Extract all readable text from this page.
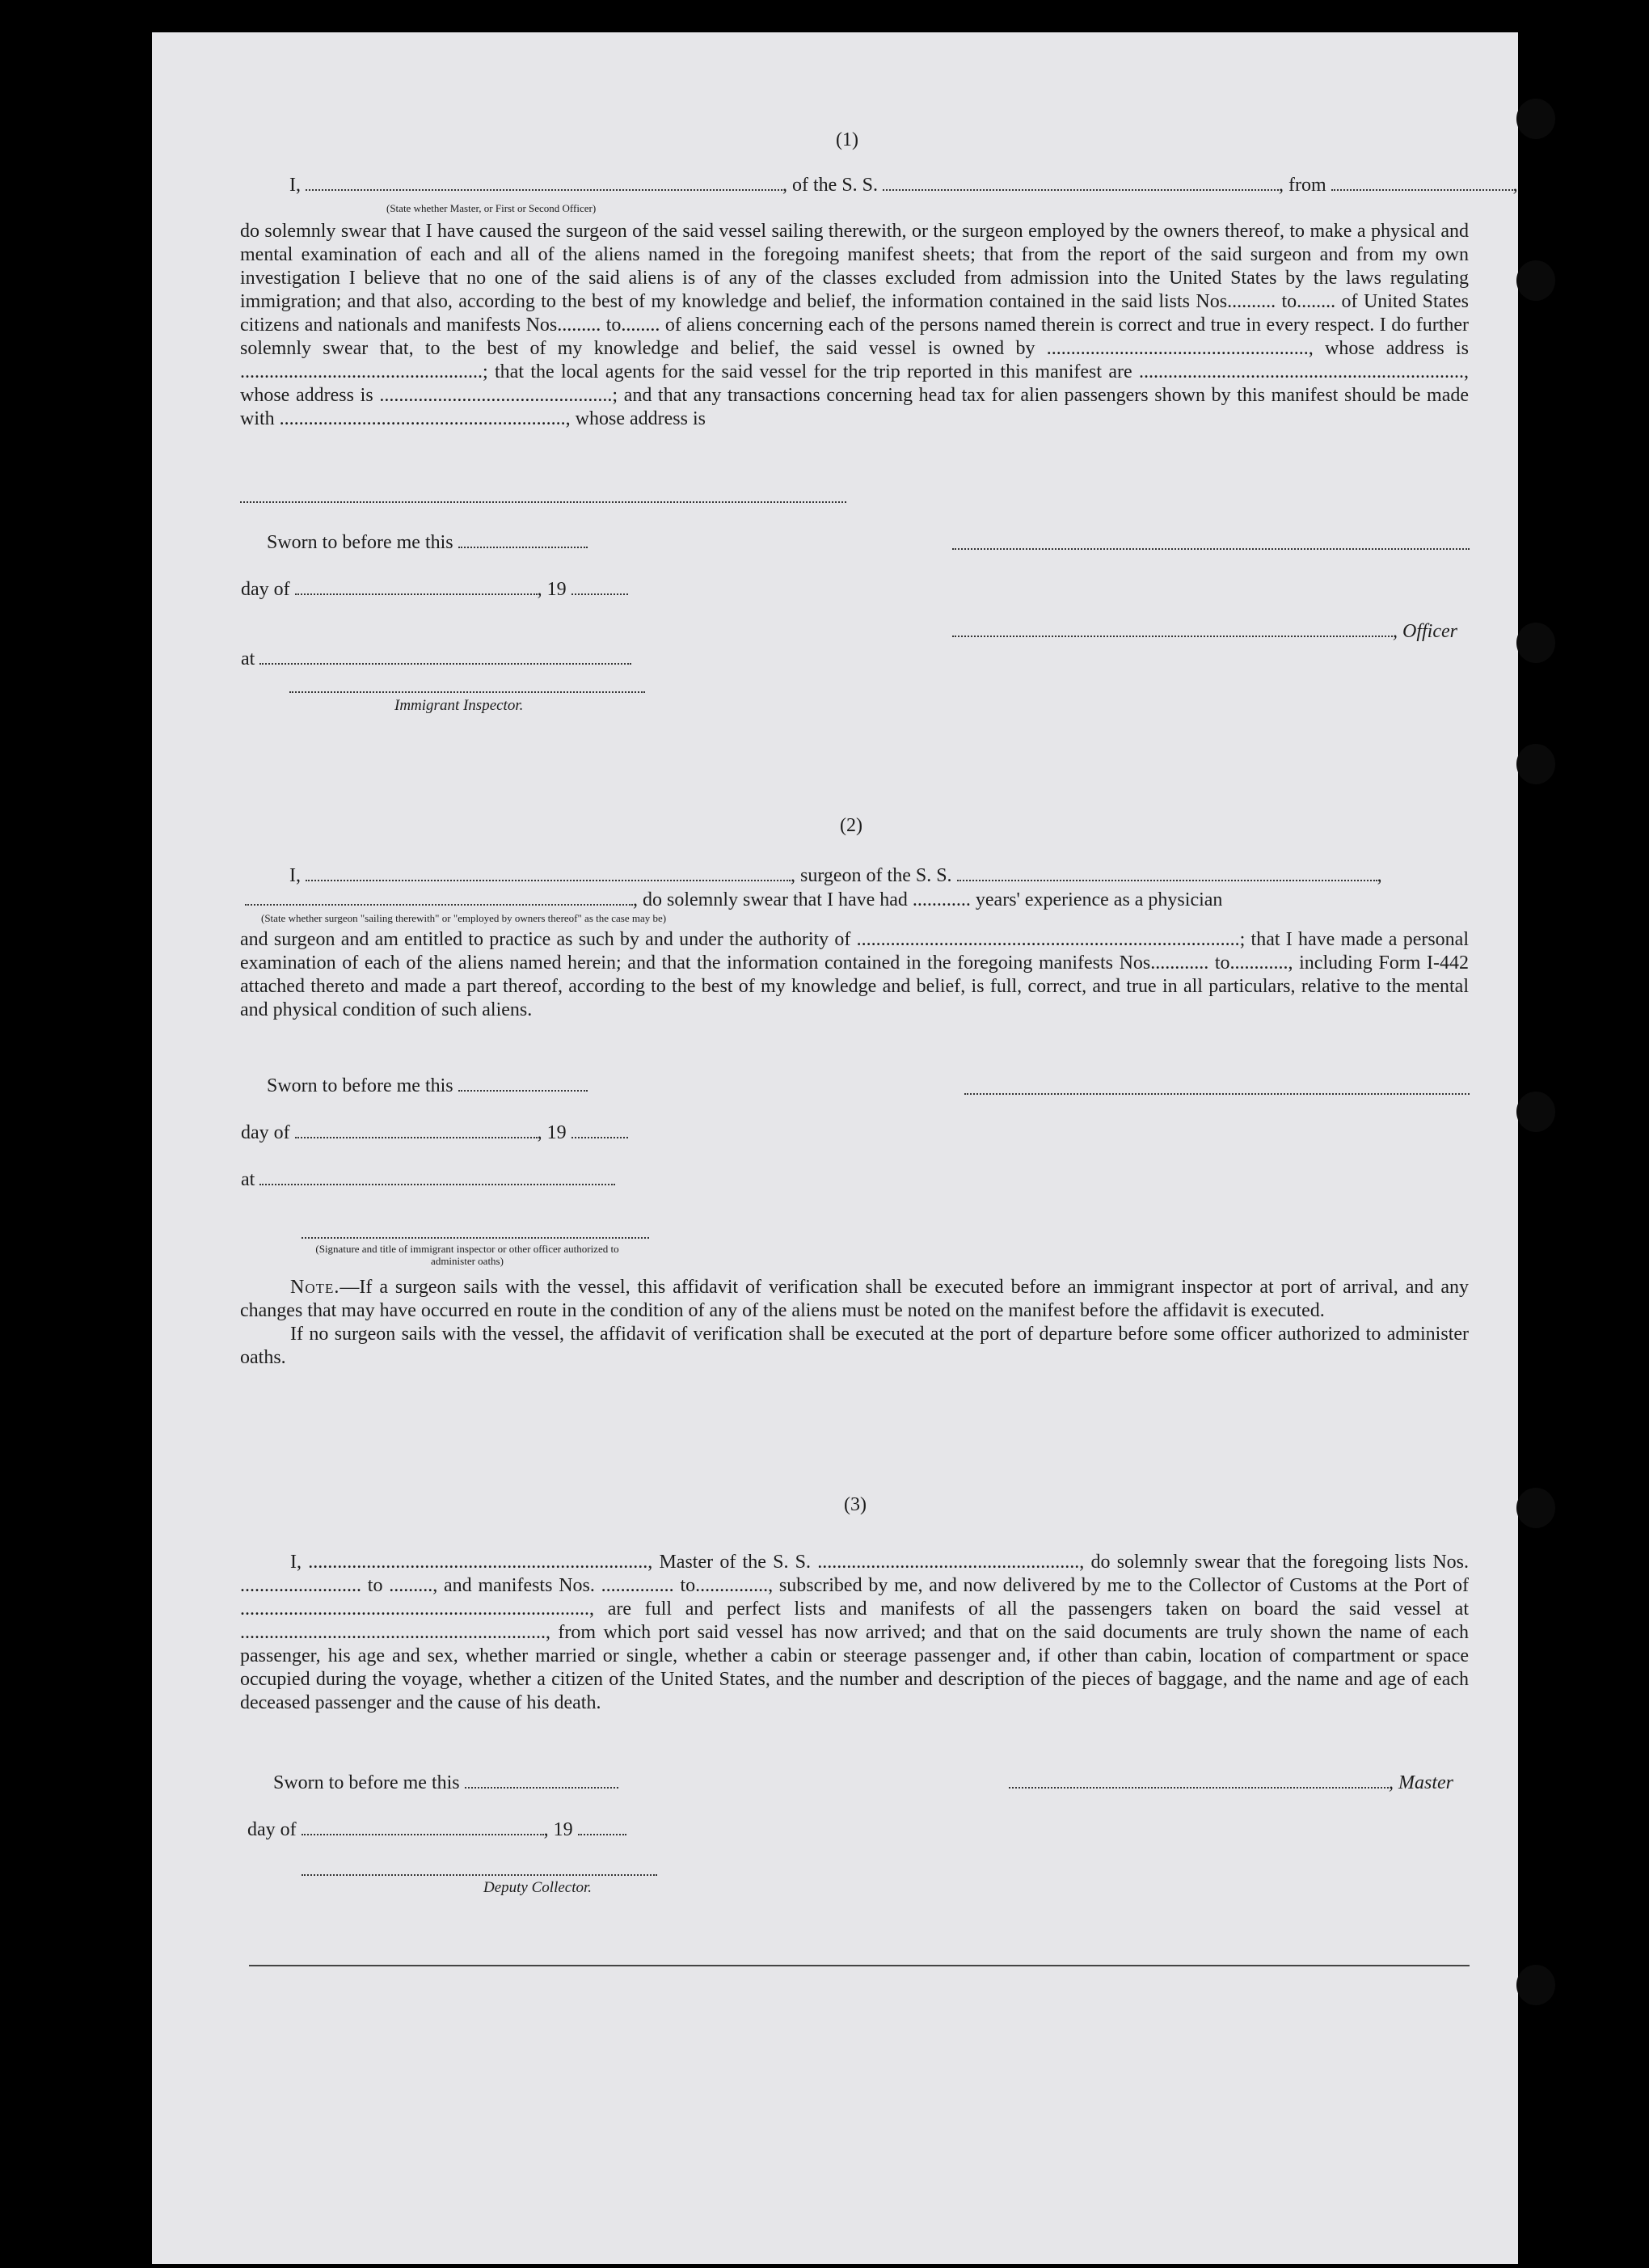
(1)
I,	, of the S. S.	, from	,
(State whether Master, or First or Second Officer)

do solemnly swear that I have caused the surgeon of the said vessel sailing therewith, or the surgeon employed by the owners thereof, to make a physical and mental examination of each and all of the aliens named in the foregoing manifest sheets; that from the report of the said surgeon and from my own investigation I believe that no one of the said aliens is of any of the classes excluded from admission into the United States by the laws regulating immigration; and that also, according to the best of my knowledge and belief, the information contained in the said lists Nos.......... to........ of United States citizens and nationals and manifests Nos......... to........ of aliens concerning each of the persons named therein is correct and true in every respect. I do further solemnly swear that, to the best of my knowledge and belief, the said vessel is owned by ......................................................, whose address is ..................................................; that the local agents for the said vessel for the trip reported in this manifest are ..................................................................., whose address is ................................................; and that any transactions concerning head tax for alien passengers shown by this manifest should be made with ..........................................................., whose address is

Sworn to before me this
day of	, 19
, Officer
at
Immigrant Inspector.
(2)
I,	, surgeon of the S. S.	,
, do solemnly swear that I have had ............ years' experience as a physician
(State whether surgeon "sailing therewith" or "employed by owners thereof" as the case may be)

and surgeon and am entitled to practice as such by and under the authority of ...............................................................................; that I have made a personal examination of each of the aliens named herein; and that the information contained in the foregoing manifests Nos............ to............, including Form I-442 attached thereto and made a part thereof, according to the best of my knowledge and belief, is full, correct, and true in all particulars, relative to the mental and physical condition of such aliens.

Sworn to before me this
day of	, 19
at
(Signature and title of immigrant inspector or other officer authorized to administer oaths)

Note.—If a surgeon sails with the vessel, this affidavit of verification shall be executed before an immigrant inspector at port of arrival, and any changes that may have occurred en route in the condition of any of the aliens must be noted on the manifest before the affidavit is executed.

If no surgeon sails with the vessel, the affidavit of verification shall be executed at the port of departure before some officer authorized to administer oaths.

(3)

I, ......................................................................, Master of the S. S. ......................................................, do solemnly swear that the foregoing lists Nos. ......................... to ........., and manifests Nos. ............... to..............., subscribed by me, and now delivered by me to the Collector of Customs at the Port of ........................................................................, are full and perfect lists and manifests of all the passengers taken on board the said vessel at ..............................................................., from which port said vessel has now arrived; and that on the said documents are truly shown the name of each passenger, his age and sex, whether married or single, whether a cabin or steerage passenger and, if other than cabin, location of compartment or space occupied during the voyage, whether a citizen of the United States, and the number and description of the pieces of baggage, and the name and age of each deceased passenger and the cause of his death.

Sworn to before me this	, Master
day of	, 19
Deputy Collector.
